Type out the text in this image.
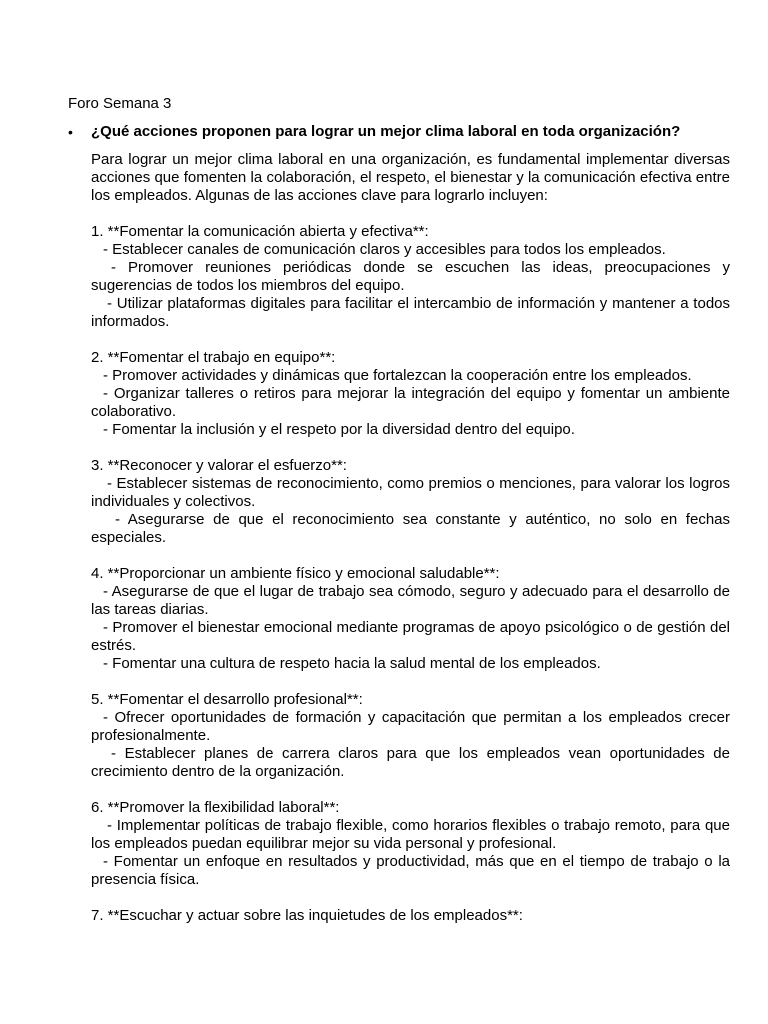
Foro Semana 3
• ¿Qué acciones proponen para lograr un mejor clima laboral en toda organización?

Para lograr un mejor clima laboral en una organización, es fundamental implementar diversas acciones que fomenten la colaboración, el respeto, el bienestar y la comunicación efectiva entre los empleados. Algunas de las acciones clave para lograrlo incluyen:

1. **Fomentar la comunicación abierta y efectiva**:

- Establecer canales de comunicación claros y accesibles para todos los empleados.

- Promover reuniones periódicas donde se escuchen las ideas, preocupaciones y sugerencias de todos los miembros del equipo.

- Utilizar plataformas digitales para facilitar el intercambio de información y mantener a todos informados.

2. **Fomentar el trabajo en equipo**:

- Promover actividades y dinámicas que fortalezcan la cooperación entre los empleados.

- Organizar talleres o retiros para mejorar la integración del equipo y fomentar un ambiente colaborativo.

- Fomentar la inclusión y el respeto por la diversidad dentro del equipo.

3. **Reconocer y valorar el esfuerzo**:

- Establecer sistemas de reconocimiento, como premios o menciones, para valorar los logros individuales y colectivos.

- Asegurarse de que el reconocimiento sea constante y auténtico, no solo en fechas especiales.

4. **Proporcionar un ambiente físico y emocional saludable**:

- Asegurarse de que el lugar de trabajo sea cómodo, seguro y adecuado para el desarrollo de las tareas diarias.

- Promover el bienestar emocional mediante programas de apoyo psicológico o de gestión del estrés.

- Fomentar una cultura de respeto hacia la salud mental de los empleados.

5. **Fomentar el desarrollo profesional**:

- Ofrecer oportunidades de formación y capacitación que permitan a los empleados crecer profesionalmente.

- Establecer planes de carrera claros para que los empleados vean oportunidades de crecimiento dentro de la organización.

6. **Promover la flexibilidad laboral**:

- Implementar políticas de trabajo flexible, como horarios flexibles o trabajo remoto, para que los empleados puedan equilibrar mejor su vida personal y profesional.

- Fomentar un enfoque en resultados y productividad, más que en el tiempo de trabajo o la presencia física.

7. **Escuchar y actuar sobre las inquietudes de los empleados**:
